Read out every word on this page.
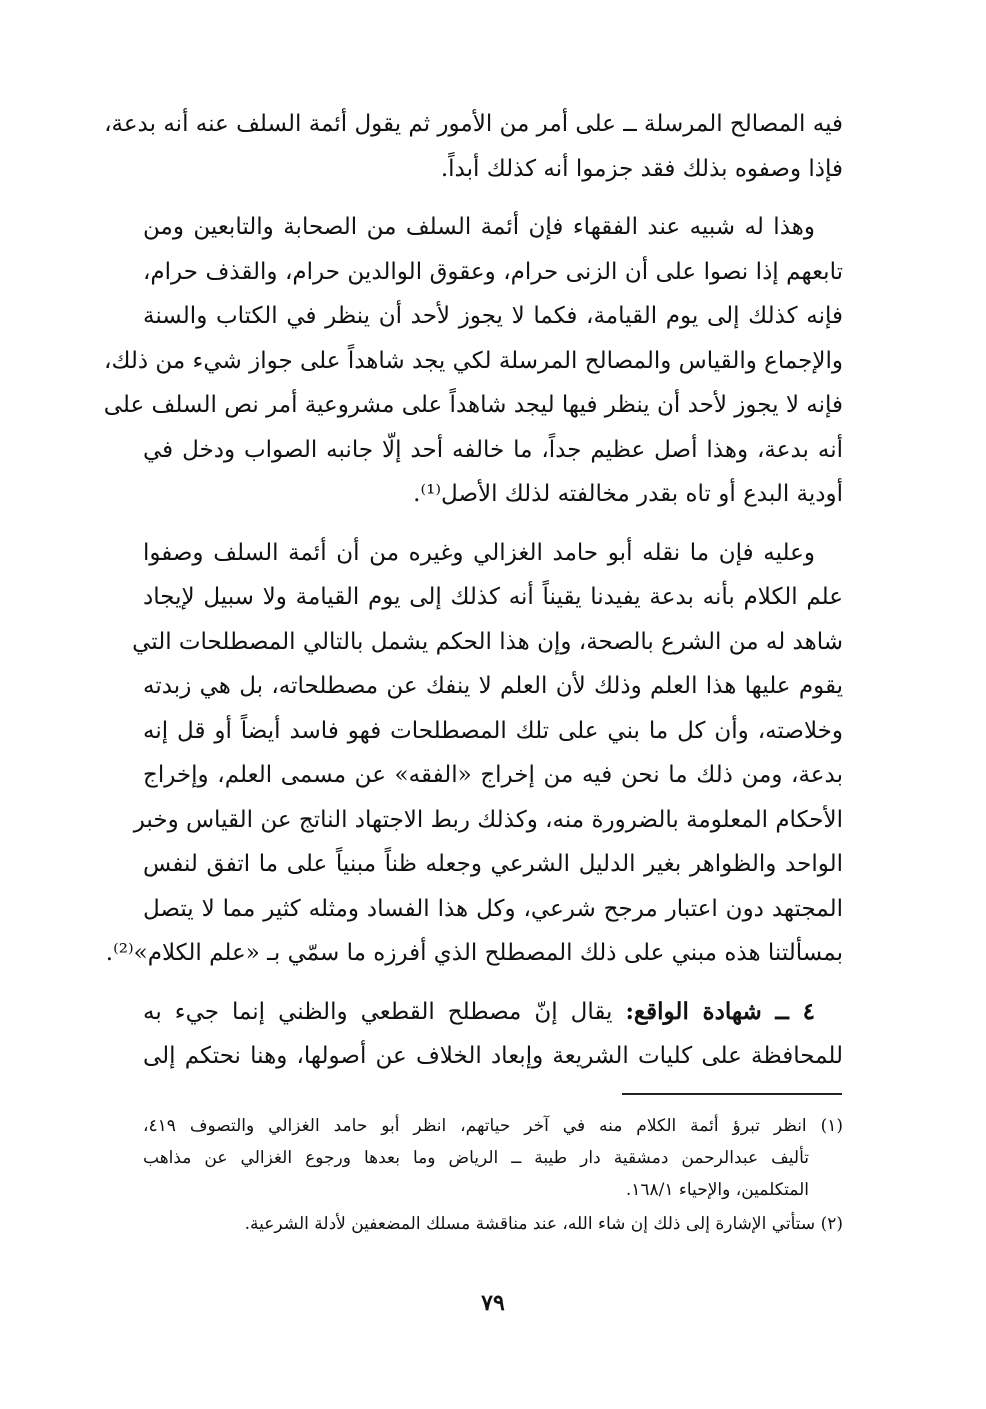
فيه المصالح المرسلة ــ على أمر من الأمور ثم يقول أئمة السلف عنه أنه بدعة،
فإذا وصفوه بذلك فقد جزموا أنه كذلك أبداً.

وهذا له شبيه عند الفقهاء فإن أئمة السلف من الصحابة والتابعين ومن
تابعهم إذا نصوا على أن الزنى حرام، وعقوق الوالدين حرام، والقذف حرام،
فإنه كذلك إلى يوم القيامة، فكما لا يجوز لأحد أن ينظر في الكتاب والسنة
والإجماع والقياس والمصالح المرسلة لكي يجد شاهداً على جواز شيء من ذلك،
فإنه لا يجوز لأحد أن ينظر فيها ليجد شاهداً على مشروعية أمر نص السلف على
أنه بدعة، وهذا أصل عظيم جداً، ما خالفه أحد إلّا جانبه الصواب ودخل في
أودية البدع أو تاه بقدر مخالفته لذلك الأصل⁽¹⁾.

وعليه فإن ما نقله أبو حامد الغزالي وغيره من أن أئمة السلف وصفوا
علم الكلام بأنه بدعة يفيدنا يقيناً أنه كذلك إلى يوم القيامة ولا سبيل لإيجاد
شاهد له من الشرع بالصحة، وإن هذا الحكم يشمل بالتالي المصطلحات التي
يقوم عليها هذا العلم وذلك لأن العلم لا ينفك عن مصطلحاته، بل هي زبدته
وخلاصته، وأن كل ما بني على تلك المصطلحات فهو فاسد أيضاً أو قل إنه
بدعة، ومن ذلك ما نحن فيه من إخراج «الفقه» عن مسمى العلم، وإخراج
الأحكام المعلومة بالضرورة منه، وكذلك ربط الاجتهاد الناتج عن القياس وخبر
الواحد والظواهر بغير الدليل الشرعي وجعله ظناً مبنياً على ما اتفق لنفس
المجتهد دون اعتبار مرجح شرعي، وكل هذا الفساد ومثله كثير مما لا يتصل
بمسألتنا هذه مبني على ذلك المصطلح الذي أفرزه ما سمّي بـ «علم الكلام»⁽²⁾.

٤ ــ شهادة الواقع: يقال إنّ مصطلح القطعي والظني إنما جيء به
للمحافظة على كليات الشريعة وإبعاد الخلاف عن أصولها، وهنا نحتكم إلى

(١) انظر تبرؤ أئمة الكلام منه في آخر حياتهم، انظر أبو حامد الغزالي والتصوف ٤١٩،
تأليف عبدالرحمن دمشقية دار طيبة ــ الرياض وما بعدها ورجوع الغزالي عن مذاهب
المتكلمين، والإحياء ١٦٨/١.

(٢) ستأتي الإشارة إلى ذلك إن شاء الله، عند مناقشة مسلك المضعفين لأدلة الشرعية.

٧٩
